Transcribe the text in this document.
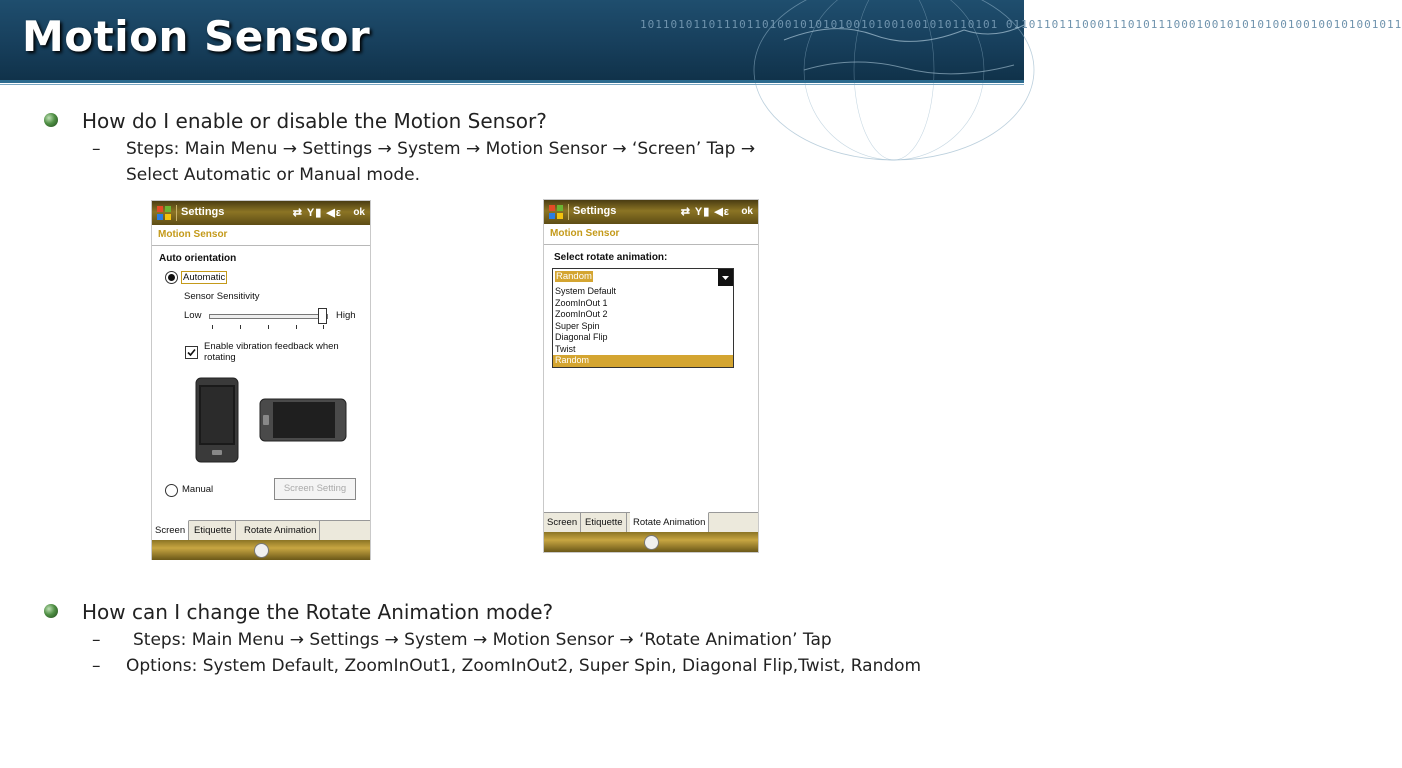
10110101101110110100101010100101001001010110101 0110110111000111010111000100101010100100100101001011
Motion Sensor
How do I enable or disable the Motion Sensor?
– Steps: Main Menu → Settings → System → Motion Sensor → ‘Screen’ Tap →
Select Automatic or Manual mode.
Settings	⇄ Y▮ ◀ε ok
Motion Sensor
Auto orientation
Automatic
Sensor Sensitivity
Low	High
Enable vibration feedback when rotating
Manual	Screen Setting
Screen Etiquette	Rotate Animation
Settings	⇄ Y▮ ◀ε ok
Motion Sensor
Select rotate animation:
Random
System Default
ZoomInOut 1
ZoomInOut 2
Super Spin
Diagonal Flip
Twist
Random
Screen Etiquette	Rotate Animation
How can I change the Rotate Animation mode?
– Steps: Main Menu → Settings → System → Motion Sensor → ‘Rotate Animation’ Tap
– Options: System Default, ZoomInOut1, ZoomInOut2, Super Spin, Diagonal Flip,Twist, Random
